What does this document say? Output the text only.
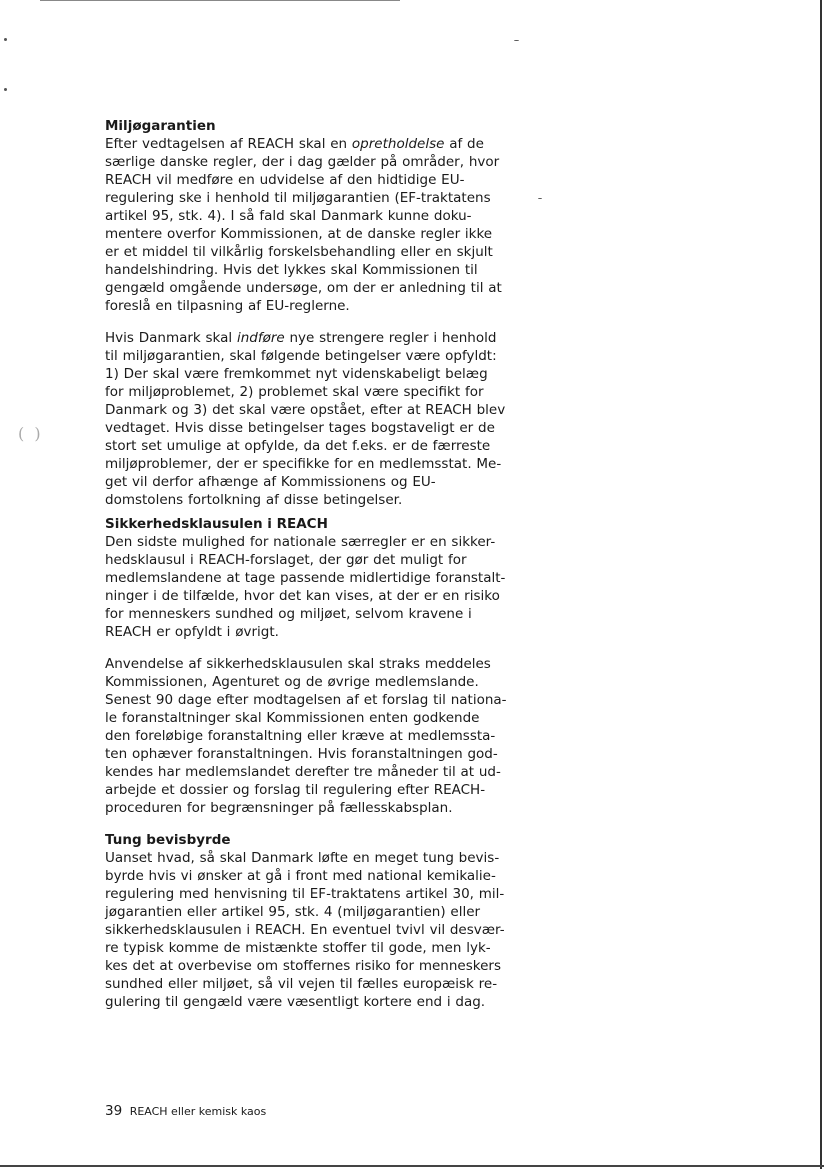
(  )
Miljøgarantien

Efter vedtagelsen af REACH skal en opretholdelse af de
særlige danske regler, der i dag gælder på områder, hvor
REACH vil medføre en udvidelse af den hidtidige EU-
regulering ske i henhold til miljøgarantien (EF-traktatens
artikel 95, stk. 4). I så fald skal Danmark kunne doku-
mentere overfor Kommissionen, at de danske regler ikke
er et middel til vilkårlig forskelsbehandling eller en skjult
handelshindring. Hvis det lykkes skal Kommissionen til
gengæld omgående undersøge, om der er anledning til at
foreslå en tilpasning af EU-reglerne.

Hvis Danmark skal indføre nye strengere regler i henhold
til miljøgarantien, skal følgende betingelser være opfyldt:
1) Der skal være fremkommet nyt videnskabeligt belæg
for miljøproblemet, 2) problemet skal være specifikt for
Danmark og 3) det skal være opstået, efter at REACH blev
vedtaget. Hvis disse betingelser tages bogstaveligt er de
stort set umulige at opfylde, da det f.eks. er de færreste
miljøproblemer, der er specifikke for en medlemsstat. Me-
get vil derfor afhænge af Kommissionens og EU-
domstolens fortolkning af disse betingelser.

Sikkerhedsklausulen i REACH

Den sidste mulighed for nationale særregler er en sikker-
hedsklausul i REACH-forslaget, der gør det muligt for
medlemslandene at tage passende midlertidige foranstalt-
ninger i de tilfælde, hvor det kan vises, at der er en risiko
for menneskers sundhed og miljøet, selvom kravene i
REACH er opfyldt i øvrigt.

Anvendelse af sikkerhedsklausulen skal straks meddeles
Kommissionen, Agenturet og de øvrige medlemslande.
Senest 90 dage efter modtagelsen af et forslag til nationa-
le foranstaltninger skal Kommissionen enten godkende
den foreløbige foranstaltning eller kræve at medlemssta-
ten ophæver foranstaltningen. Hvis foranstaltningen god-
kendes har medlemslandet derefter tre måneder til at ud-
arbejde et dossier og forslag til regulering efter REACH-
proceduren for begrænsninger på fællesskabsplan.

Tung bevisbyrde

Uanset hvad, så skal Danmark løfte en meget tung bevis-
byrde hvis vi ønsker at gå i front med national kemikalie-
regulering med henvisning til EF-traktatens artikel 30, mil-
jøgarantien eller artikel 95, stk. 4 (miljøgarantien) eller
sikkerhedsklausulen i REACH. En eventuel tvivl vil desvær-
re typisk komme de mistænkte stoffer til gode, men lyk-
kes det at overbevise om stoffernes risiko for menneskers
sundhed eller miljøet, så vil vejen til fælles europæisk re-
gulering til gengæld være væsentligt kortere end i dag.

39 REACH eller kemisk kaos
